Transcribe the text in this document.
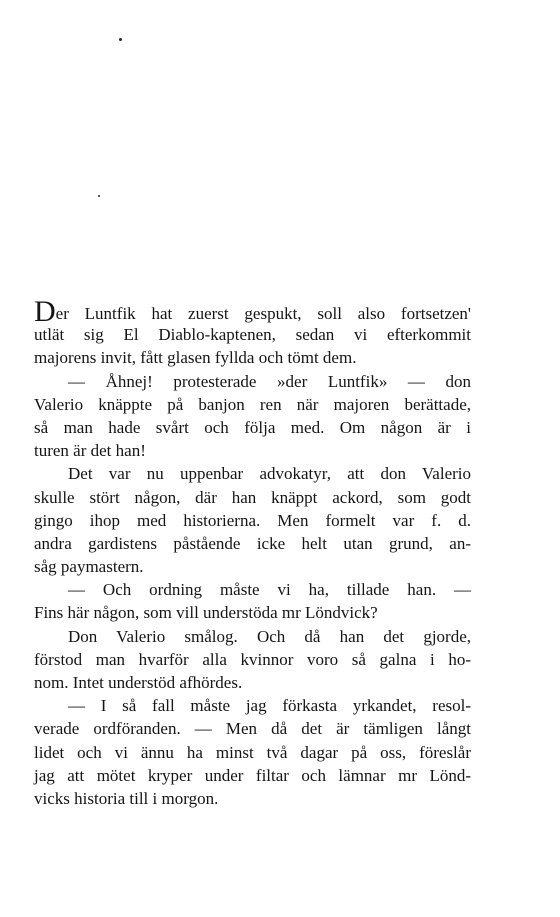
Der Luntfik hat zuerst gespukt, soll also fortsetzen'
utlät sig El Diablo-kaptenen, sedan vi efterkommit
majorens invit, fått glasen fyllda och tömt dem.
— Åhnej! protesterade »der Luntfik» — don
Valerio knäppte på banjon ren när majoren berättade,
så man hade svårt och följa med. Om någon är i
turen är det han!
Det var nu uppenbar advokatyr, att don Valerio
skulle stört någon, där han knäppt ackord, som godt
gingo ihop med historierna. Men formelt var f. d.
andra gardistens påstående icke helt utan grund, an-
såg paymastern.
— Och ordning måste vi ha, tillade han. —
Fins här någon, som vill understöda mr Löndvick?
Don Valerio smålog. Och då han det gjorde,
förstod man hvarför alla kvinnor voro så galna i ho-
nom. Intet understöd afhördes.
— I så fall måste jag förkasta yrkandet, resol-
verade ordföranden. — Men då det är tämligen långt
lidet och vi ännu ha minst två dagar på oss, föreslår
jag att mötet kryper under filtar och lämnar mr Lönd-
vicks historia till i morgon.
